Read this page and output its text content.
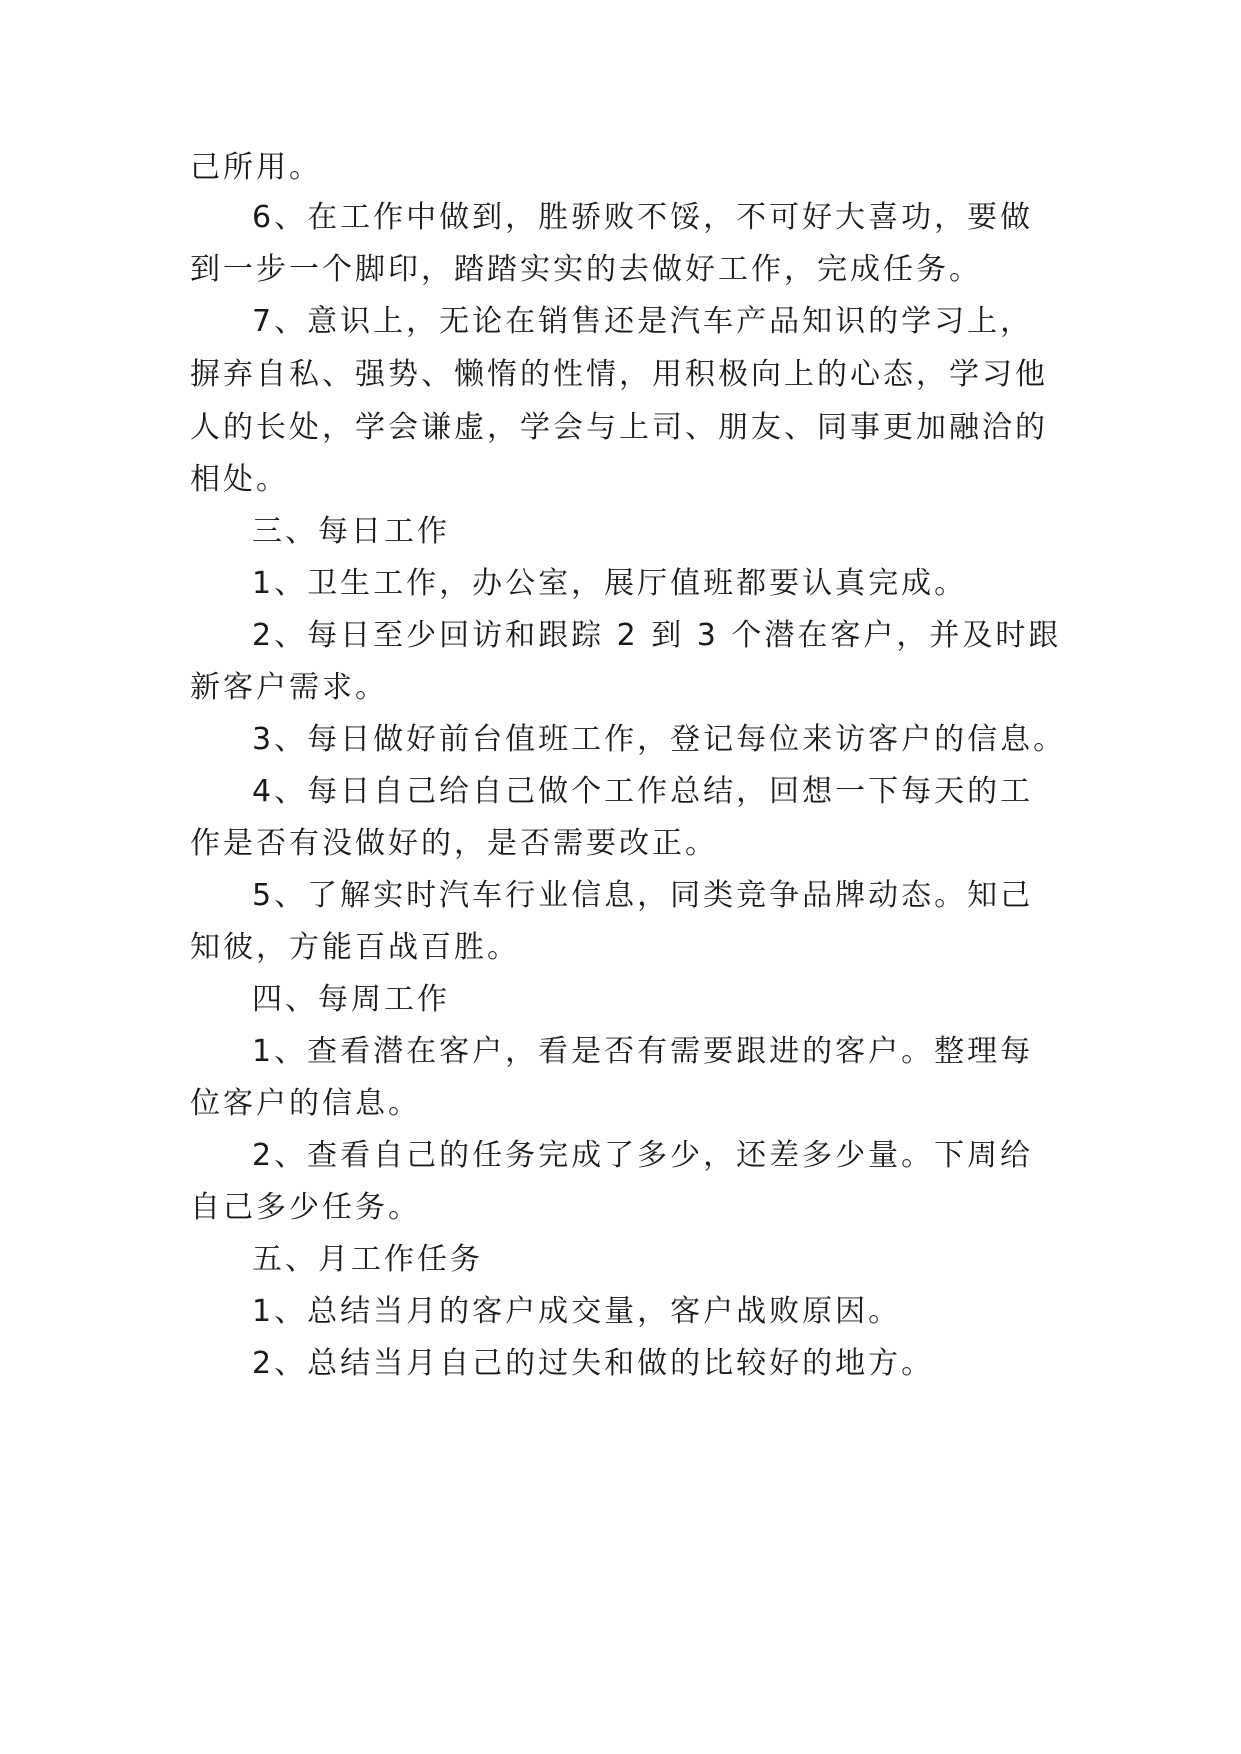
己所用。
6、在工作中做到，胜骄败不馁，不可好大喜功，要做
到一步一个脚印，踏踏实实的去做好工作，完成任务。
7、意识上，无论在销售还是汽车产品知识的学习上，
摒弃自私、强势、懒惰的性情，用积极向上的心态，学习他
人的长处，学会谦虚，学会与上司、朋友、同事更加融洽的
相处。
三、每日工作
1、卫生工作，办公室，展厅值班都要认真完成。
2、每日至少回访和跟踪 2 到 3 个潜在客户，并及时跟
新客户需求。
3、每日做好前台值班工作，登记每位来访客户的信息。
4、每日自己给自己做个工作总结，回想一下每天的工
作是否有没做好的，是否需要改正。
5、了解实时汽车行业信息，同类竞争品牌动态。知己
知彼，方能百战百胜。
四、每周工作
1、查看潜在客户，看是否有需要跟进的客户。整理每
位客户的信息。
2、查看自己的任务完成了多少，还差多少量。下周给
自己多少任务。
五、月工作任务
1、总结当月的客户成交量，客户战败原因。
2、总结当月自己的过失和做的比较好的地方。
